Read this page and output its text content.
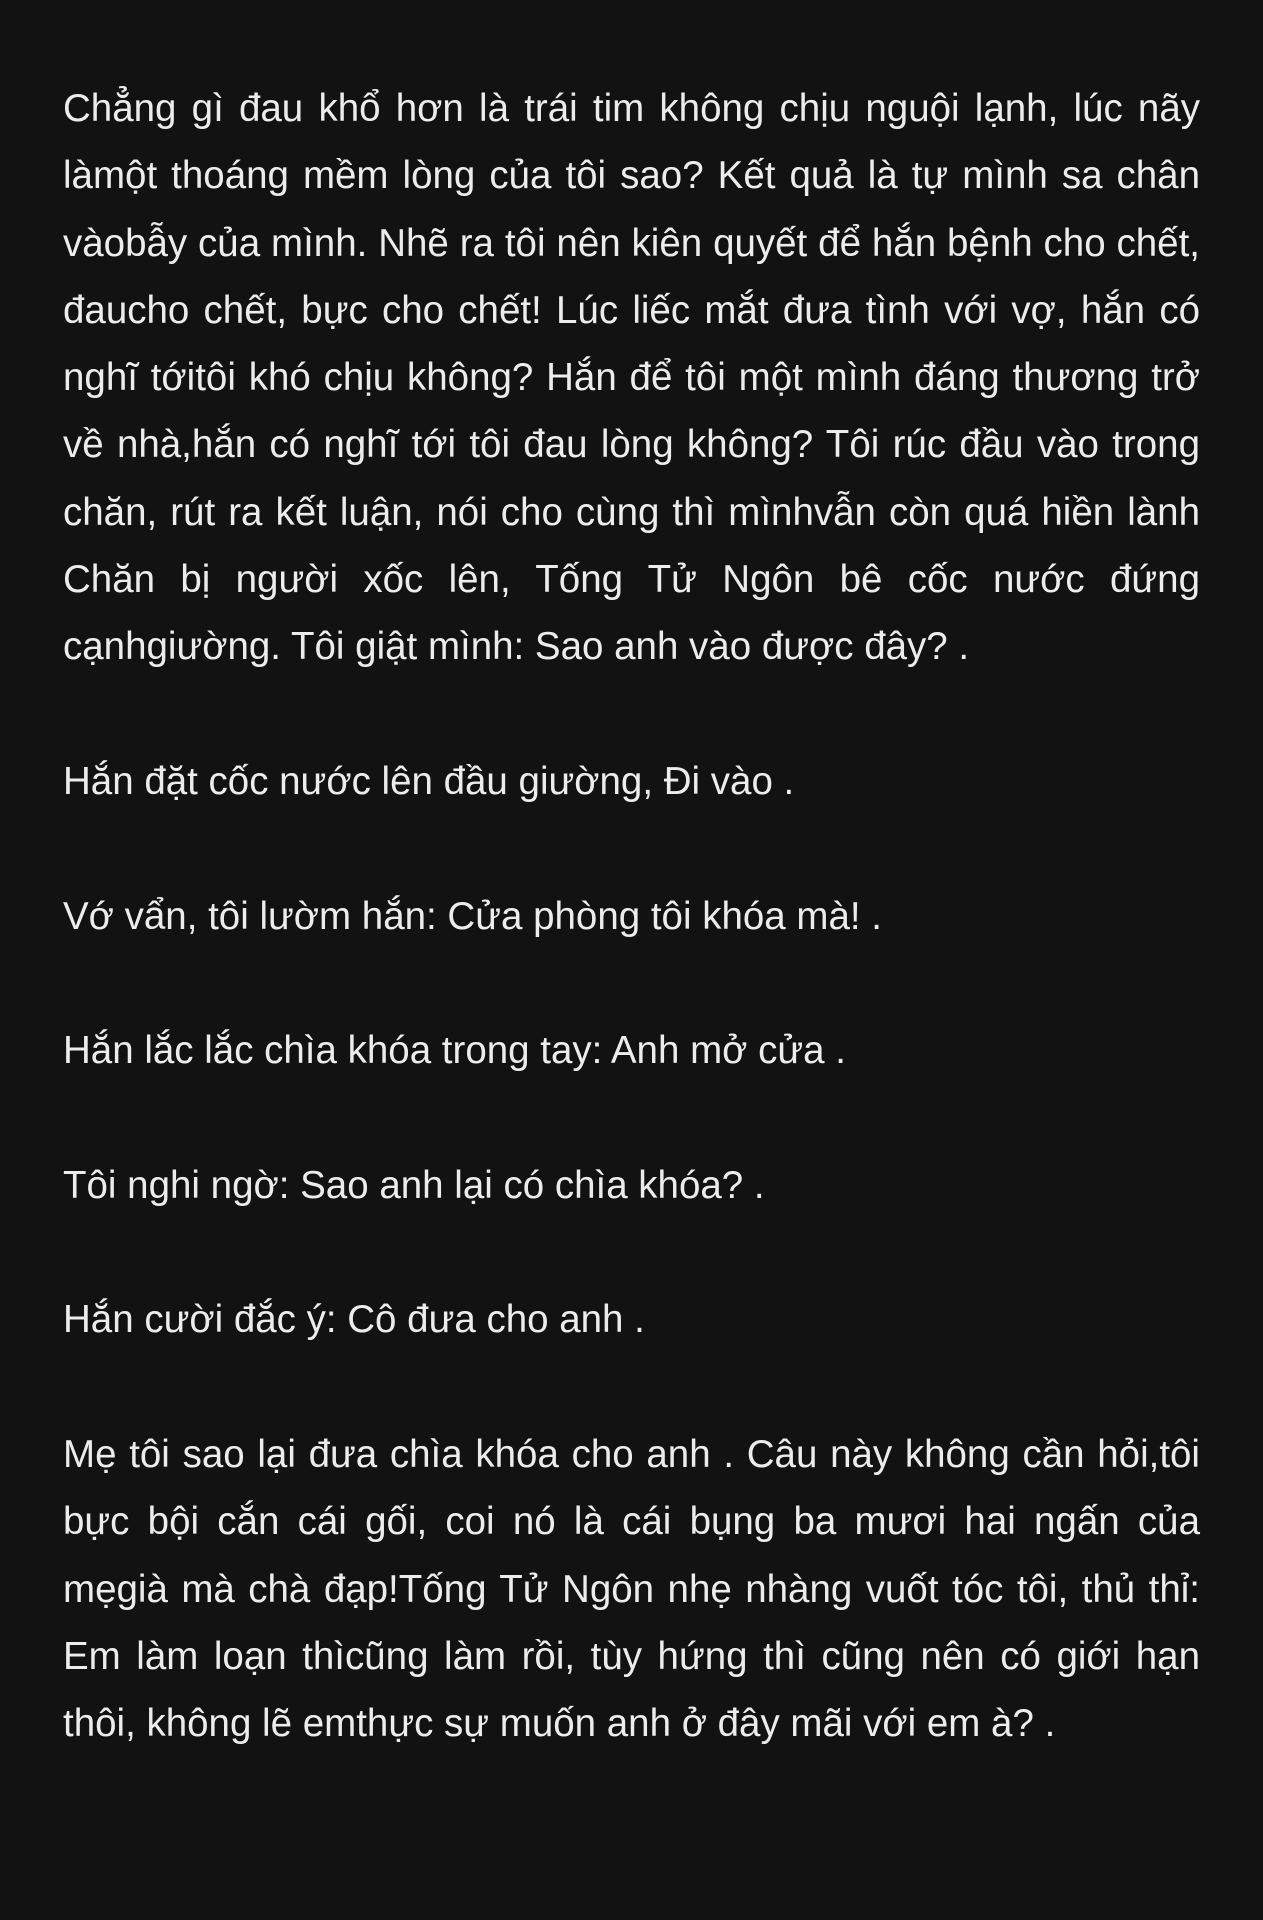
Chẳng gì đau khổ hơn là trái tim không chịu nguội lạnh, lúc nãy làmột thoáng mềm lòng của tôi sao? Kết quả là tự mình sa chân vàobẫy của mình. Nhẽ ra tôi nên kiên quyết để hắn bệnh cho chết, đaucho chết, bực cho chết! Lúc liếc mắt đưa tình với vợ, hắn có nghĩ tớitôi khó chịu không? Hắn để tôi một mình đáng thương trở về nhà,hắn có nghĩ tới tôi đau lòng không? Tôi rúc đầu vào trong chăn, rút ra kết luận, nói cho cùng thì mìnhvẫn còn quá hiền lành Chăn bị người xốc lên, Tống Tử Ngôn bê cốc nước đứng cạnhgiường. Tôi giật mình: Sao anh vào được đây? .

Hắn đặt cốc nước lên đầu giường, Đi vào .

Vớ vẩn, tôi lườm hắn: Cửa phòng tôi khóa mà! .

Hắn lắc lắc chìa khóa trong tay: Anh mở cửa .

Tôi nghi ngờ: Sao anh lại có chìa khóa? .

Hắn cười đắc ý: Cô đưa cho anh .

Mẹ tôi sao lại đưa chìa khóa cho anh . Câu này không cần hỏi,tôi bực bội cắn cái gối, coi nó là cái bụng ba mươi hai ngấn của mẹgià mà chà đạp!Tống Tử Ngôn nhẹ nhàng vuốt tóc tôi, thủ thỉ: Em làm loạn thìcũng làm rồi, tùy hứng thì cũng nên có giới hạn thôi, không lẽ emthực sự muốn anh ở đây mãi với em à? .
